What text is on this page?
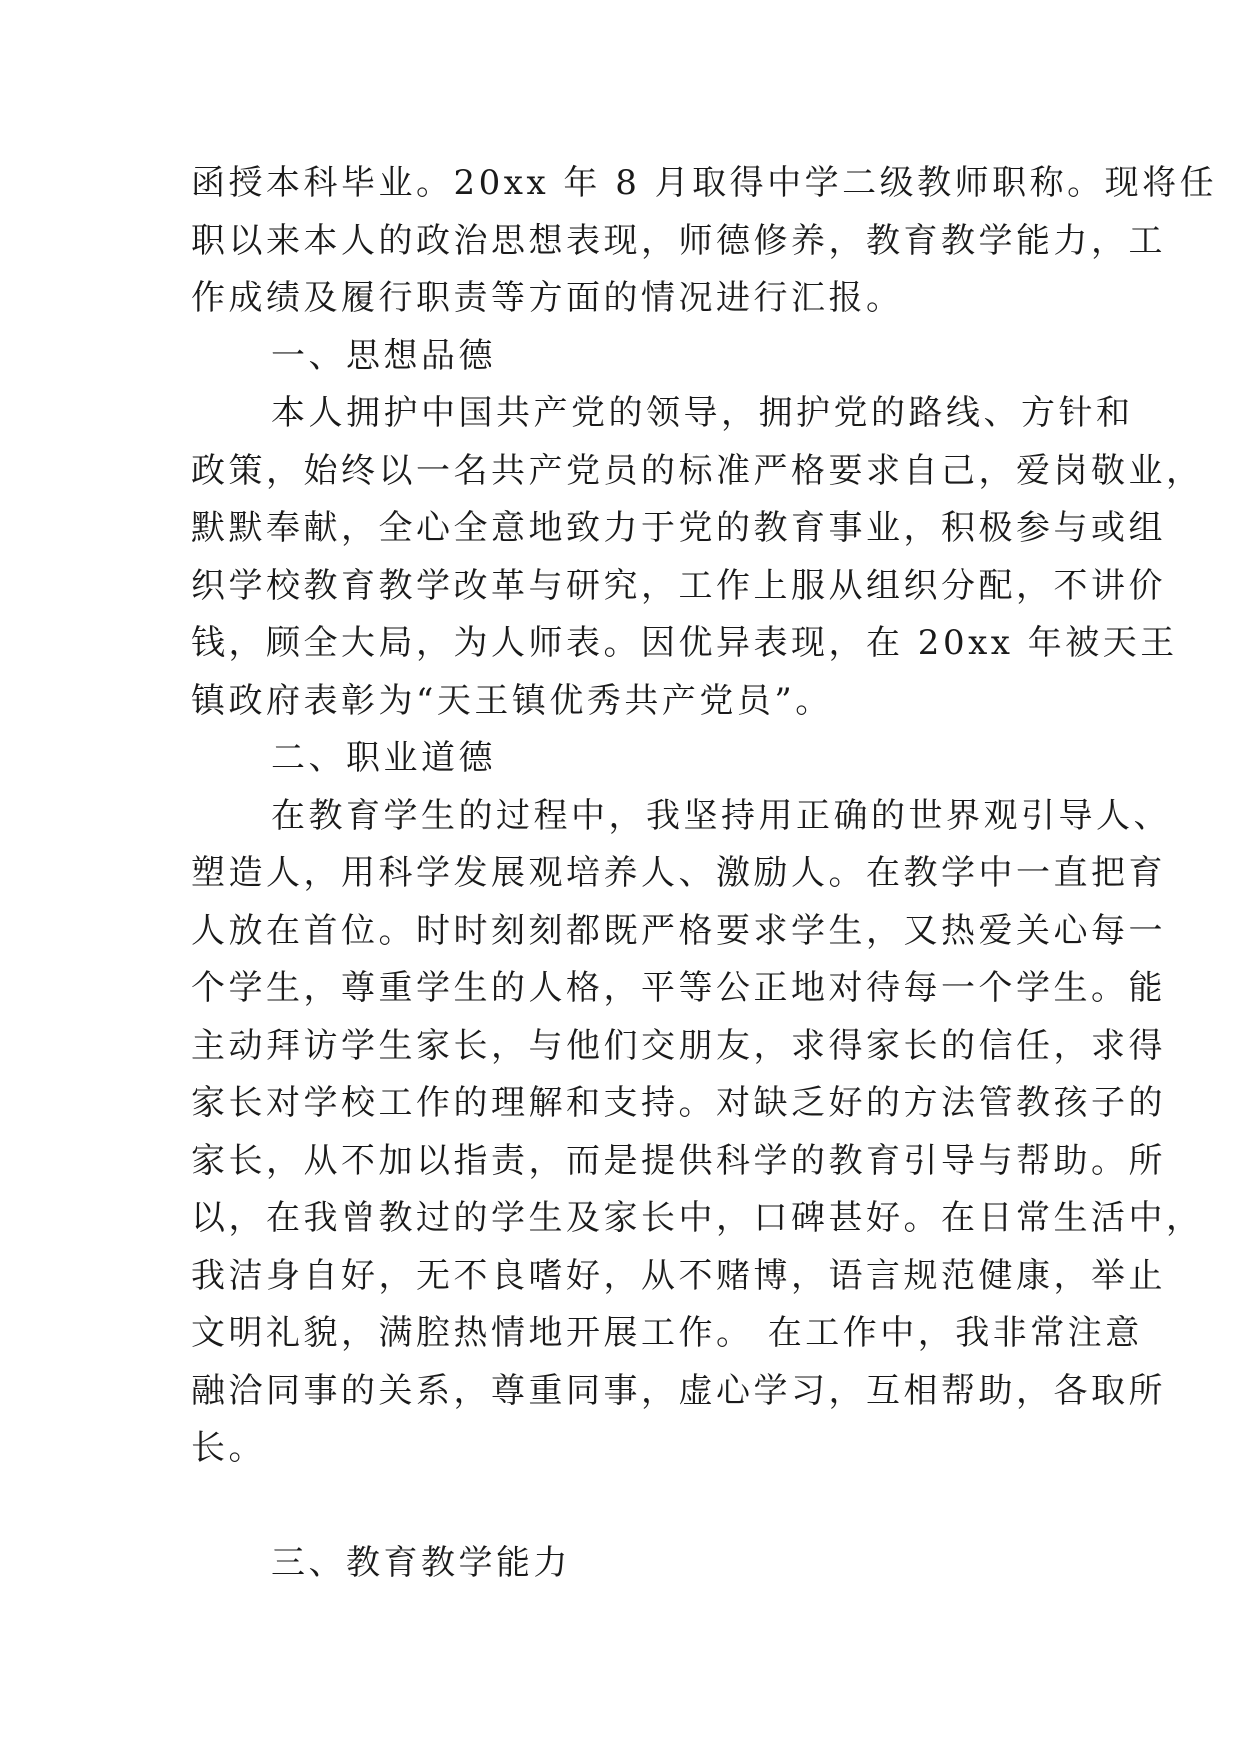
函授本科毕业。20xx 年 8 月取得中学二级教师职称。现将任
职以来本人的政治思想表现，师德修养，教育教学能力，工
作成绩及履行职责等方面的情况进行汇报。
一、思想品德
本人拥护中国共产党的领导，拥护党的路线、方针和
政策，始终以一名共产党员的标准严格要求自己，爱岗敬业，
默默奉献，全心全意地致力于党的教育事业，积极参与或组
织学校教育教学改革与研究，工作上服从组织分配，不讲价
钱，顾全大局，为人师表。因优异表现，在 20xx 年被天王
镇政府表彰为“天王镇优秀共产党员”。
二、职业道德
在教育学生的过程中，我坚持用正确的世界观引导人、
塑造人，用科学发展观培养人、激励人。在教学中一直把育
人放在首位。时时刻刻都既严格要求学生，又热爱关心每一
个学生，尊重学生的人格，平等公正地对待每一个学生。能
主动拜访学生家长，与他们交朋友，求得家长的信任，求得
家长对学校工作的理解和支持。对缺乏好的方法管教孩子的
家长，从不加以指责，而是提供科学的教育引导与帮助。所
以，在我曾教过的学生及家长中，口碑甚好。在日常生活中，
我洁身自好，无不良嗜好，从不赌博，语言规范健康，举止
文明礼貌，满腔热情地开展工作。 在工作中，我非常注意
融洽同事的关系，尊重同事，虚心学习，互相帮助，各取所
长。
三、教育教学能力
